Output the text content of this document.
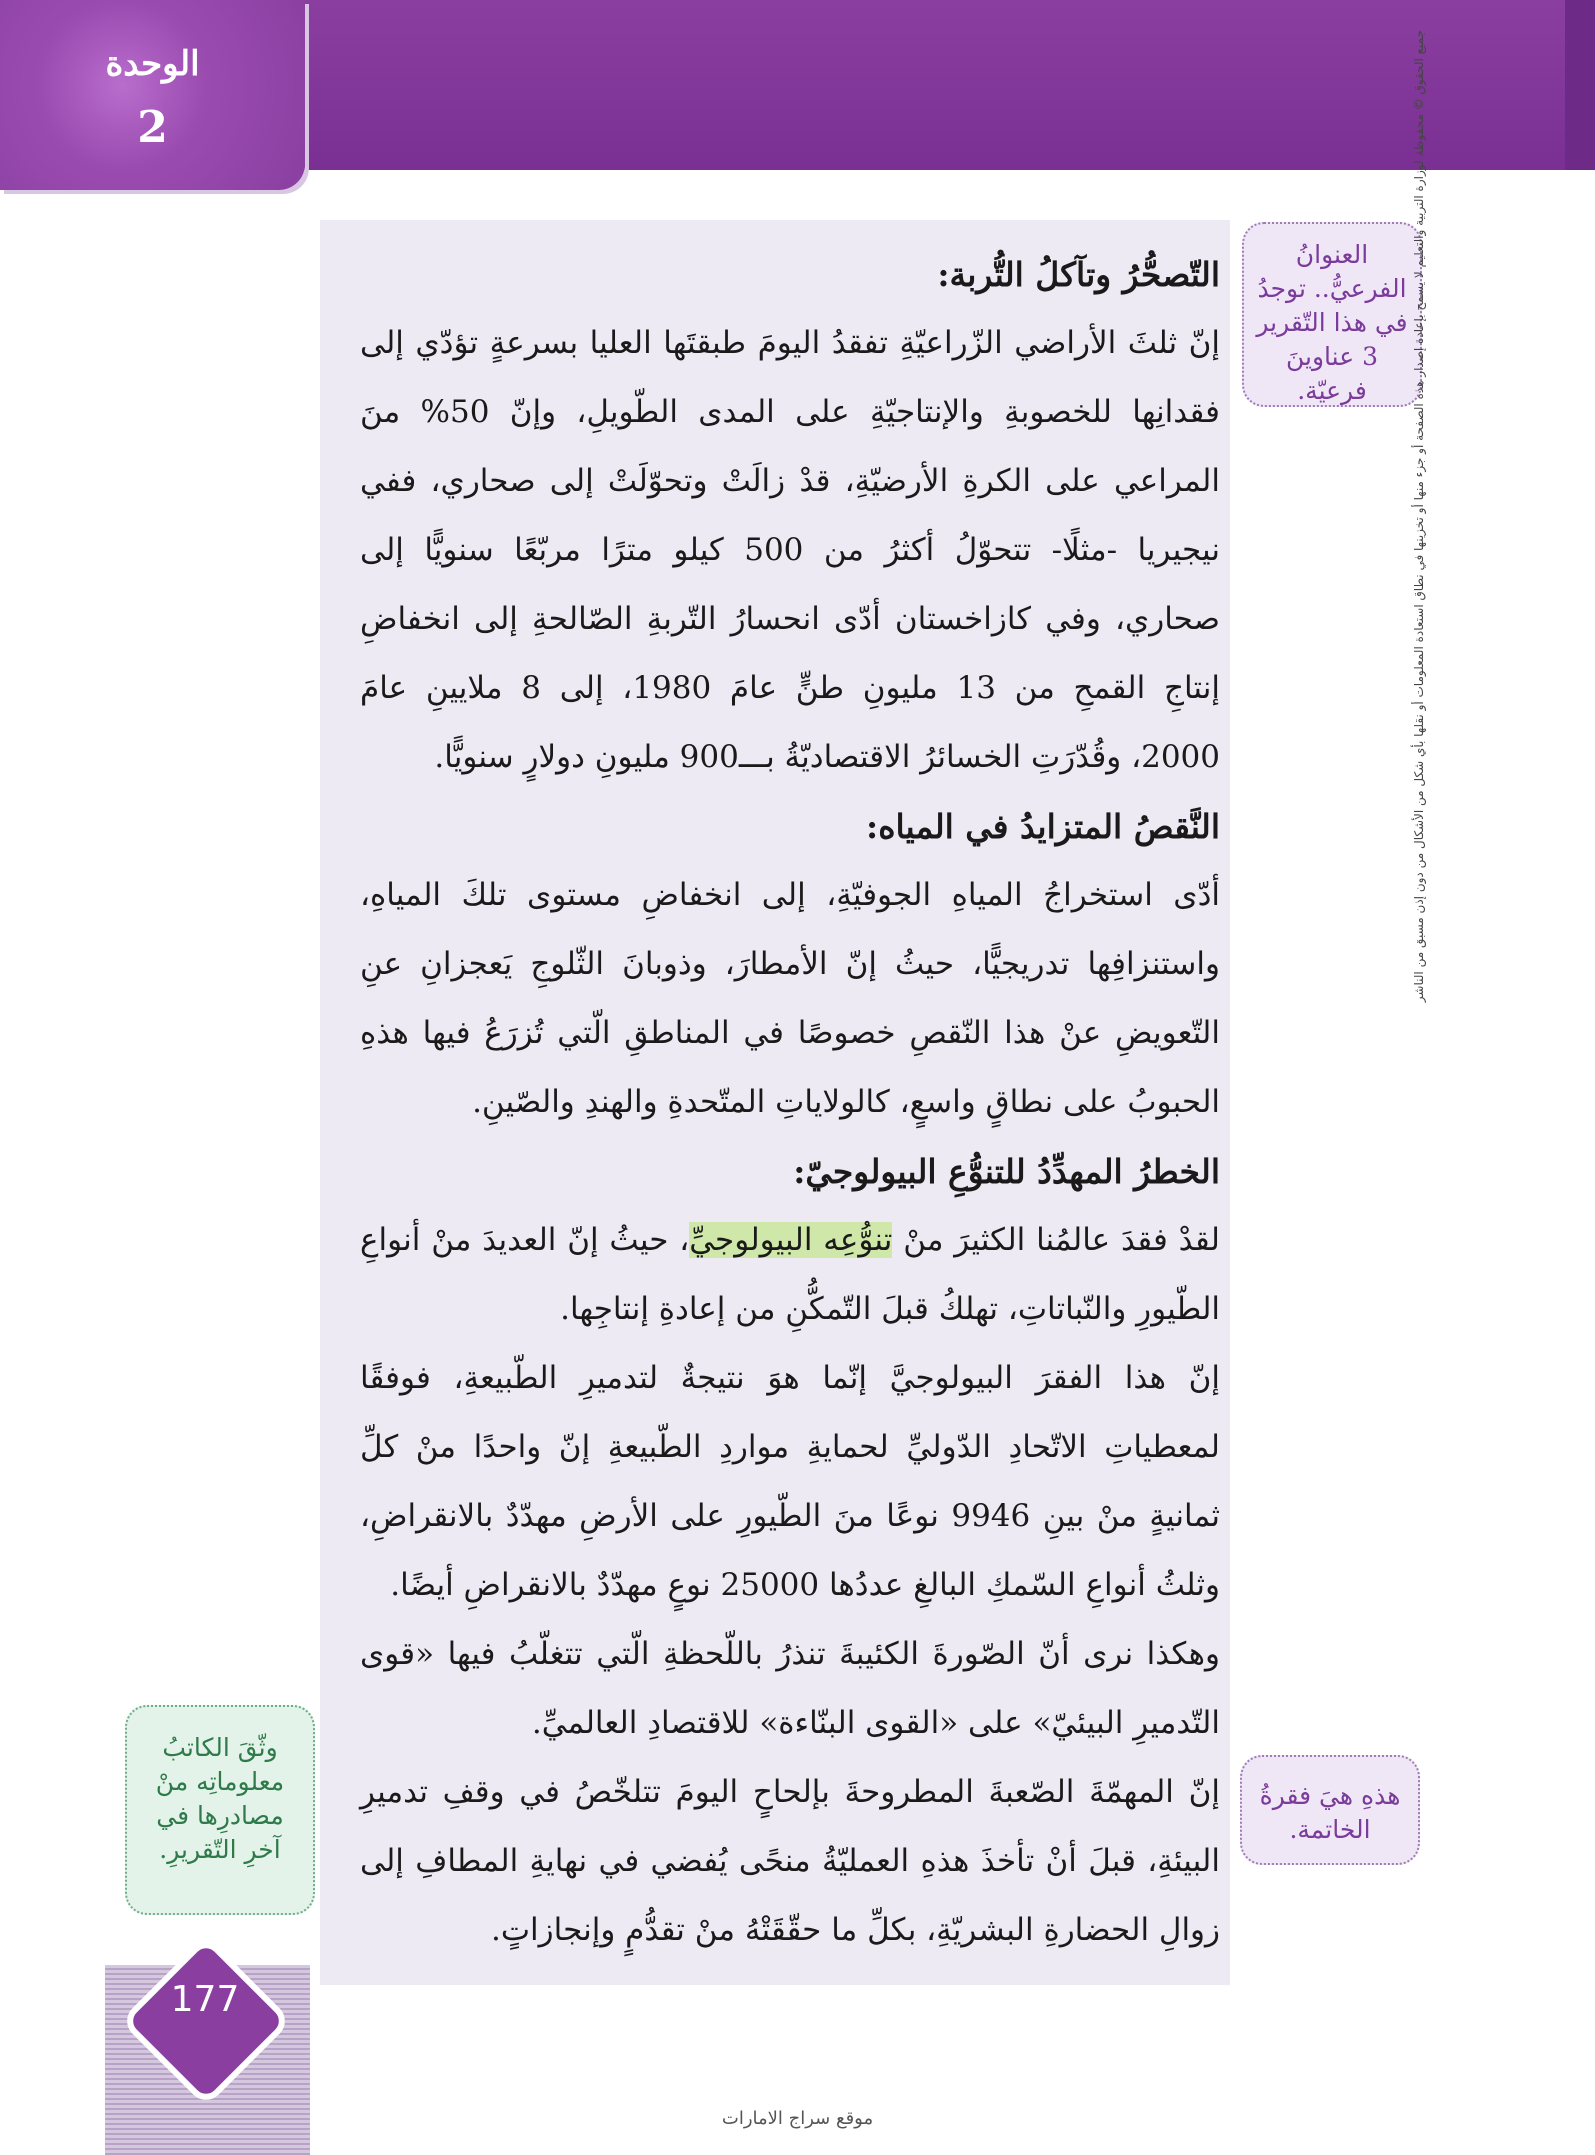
الوحدة
2
التّصحُّرُ وتآكلُ التُّربة:

إنّ ثلثَ الأراضي الزّراعيّةِ تفقدُ اليومَ طبقتَها العليا بسرعةٍ تؤدّي إلى فقدانِها للخصوبةِ والإنتاجيّةِ على المدى الطّويلِ، وإنّ 50% منَ المراعي على الكرةِ الأرضيّةِ، قدْ زالَتْ وتحوّلَتْ إلى صحاري، ففي نيجيريا -مثلًا- تتحوّلُ أكثرُ من 500 كيلو مترًا مربّعًا سنويًّا إلى صحاري، وفي كازاخستان أدّى انحسارُ التّربةِ الصّالحةِ إلى انخفاضِ إنتاجِ القمحِ من 13 مليونِ طنٍّ عامَ 1980، إلى 8 ملايينِ عامَ 2000، وقُدّرَتِ الخسائرُ الاقتصاديّةُ بـــ900 مليونِ دولارٍ سنويًّا.

النَّقصُ المتزايدُ في المياه:

أدّى استخراجُ المياهِ الجوفيّةِ، إلى انخفاضِ مستوى تلكَ المياهِ، واستنزافِها تدريجيًّا، حيثُ إنّ الأمطارَ، وذوبانَ الثّلوجِ يَعجزانِ عنِ التّعويضِ عنْ هذا النّقصِ خصوصًا في المناطقِ الّتي تُزرَعُ فيها هذهِ الحبوبُ على نطاقٍ واسعٍ، كالولاياتِ المتّحدةِ والهندِ والصّينِ.

الخطرُ المهدِّدُ للتنوُّعِ البيولوجيّ:

لقدْ فقدَ عالمُنا الكثيرَ منْ تنوُّعِه البيولوجيِّ، حيثُ إنّ العديدَ منْ أنواعِ الطّيورِ والنّباتاتِ، تهلكُ قبلَ التّمكُّنِ من إعادةِ إنتاجِها.

إنّ هذا الفقرَ البيولوجيَّ إنّما هوَ نتيجةٌ لتدميرِ الطّبيعةِ، فوفقًا لمعطياتِ الاتّحادِ الدّوليِّ لحمايةِ مواردِ الطّبيعةِ إنّ واحدًا منْ كلِّ ثمانيةٍ منْ بينِ 9946 نوعًا منَ الطّيورِ على الأرضِ مهدّدٌ بالانقراضِ، وثلثُ أنواعِ السّمكِ البالغِ عددُها 25000 نوعٍ مهدّدٌ بالانقراضِ أيضًا.

وهكذا نرى أنّ الصّورةَ الكئيبةَ تنذرُ باللّحظةِ الّتي تتغلّبُ فيها «قوى التّدميرِ البيئيّ» على «القوى البنّاءة» للاقتصادِ العالميِّ.

إنّ المهمّةَ الصّعبةَ المطروحةَ بإلحاحٍ اليومَ تتلخّصُ في وقفِ تدميرِ البيئةِ، قبلَ أنْ تأخذَ هذهِ العمليّةُ منحًى يُفضي في نهايةِ المطافِ إلى زوالِ الحضارةِ البشريّةِ، بكلِّ ما حقّقَتْهُ منْ تقدُّمٍ وإنجازاتٍ.

العنوانُ الفرعيُّ.. توجدُ في هذا التّقرير 3 عناوينَ فرعيّة.
هذهِ هيَ فقرةُ الخاتمة.
وثّقَ الكاتبُ معلوماتِه منْ مصادرِها في آخرِ التّقريرِ.
جميع الحقوق © محفوظة لوزارة التربية والتعليم لا يسمح بإعادة إصدار هذه الصفحة أو جزء منها أو تخزينها في نطاق استعادة المعلومات أو نقلها بأي شكل من الأشكال من دون إذن مسبق من الناشر
177
موقع سراج الامارات
